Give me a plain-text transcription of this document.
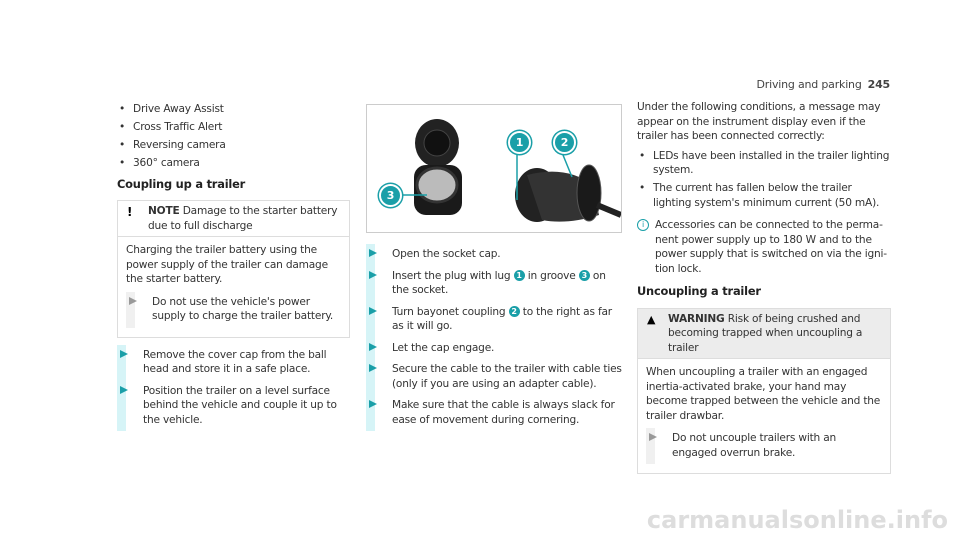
Driving and parking 245
• Drive Away Assist
• Cross Traffic Alert
• Reversing camera
• 360° camera
Coupling up a trailer
! NOTE Damage to the starter battery due to full discharge
Charging the trailer battery using the power supply of the trailer can damage the starter battery.
Do not use the vehicle's power supply to charge the trailer battery.
Remove the cover cap from the ball head and store it in a safe place.
Position the trailer on a level surface behind the vehicle and couple it up to the vehicle.
1	2
3
Open the socket cap.
Insert the plug with lug 1 in groove 3 on the socket.
Turn bayonet coupling 2 to the right as far as it will go.
Let the cap engage.
Secure the cable to the trailer with cable ties (only if you are using an adapter cable).
Make sure that the cable is always slack for ease of movement during cornering.
Under the following conditions, a message may appear on the instrument display even if the trailer has been connected correctly:
• LEDs have been installed in the trailer lighting system.
• The current has fallen below the trailer lighting system's minimum current (50 mA).
i	Accessories can be connected to the permanent power supply up to 180 W and to the power supply that is switched on via the ignition lock.
Uncoupling a trailer
▲ WARNING Risk of being crushed and becoming trapped when uncoupling a trailer
When uncoupling a trailer with an engaged inertia-activated brake, your hand may become trapped between the vehicle and the trailer drawbar.
Do not uncouple trailers with an engaged overrun brake.
carmanualsonline.info
